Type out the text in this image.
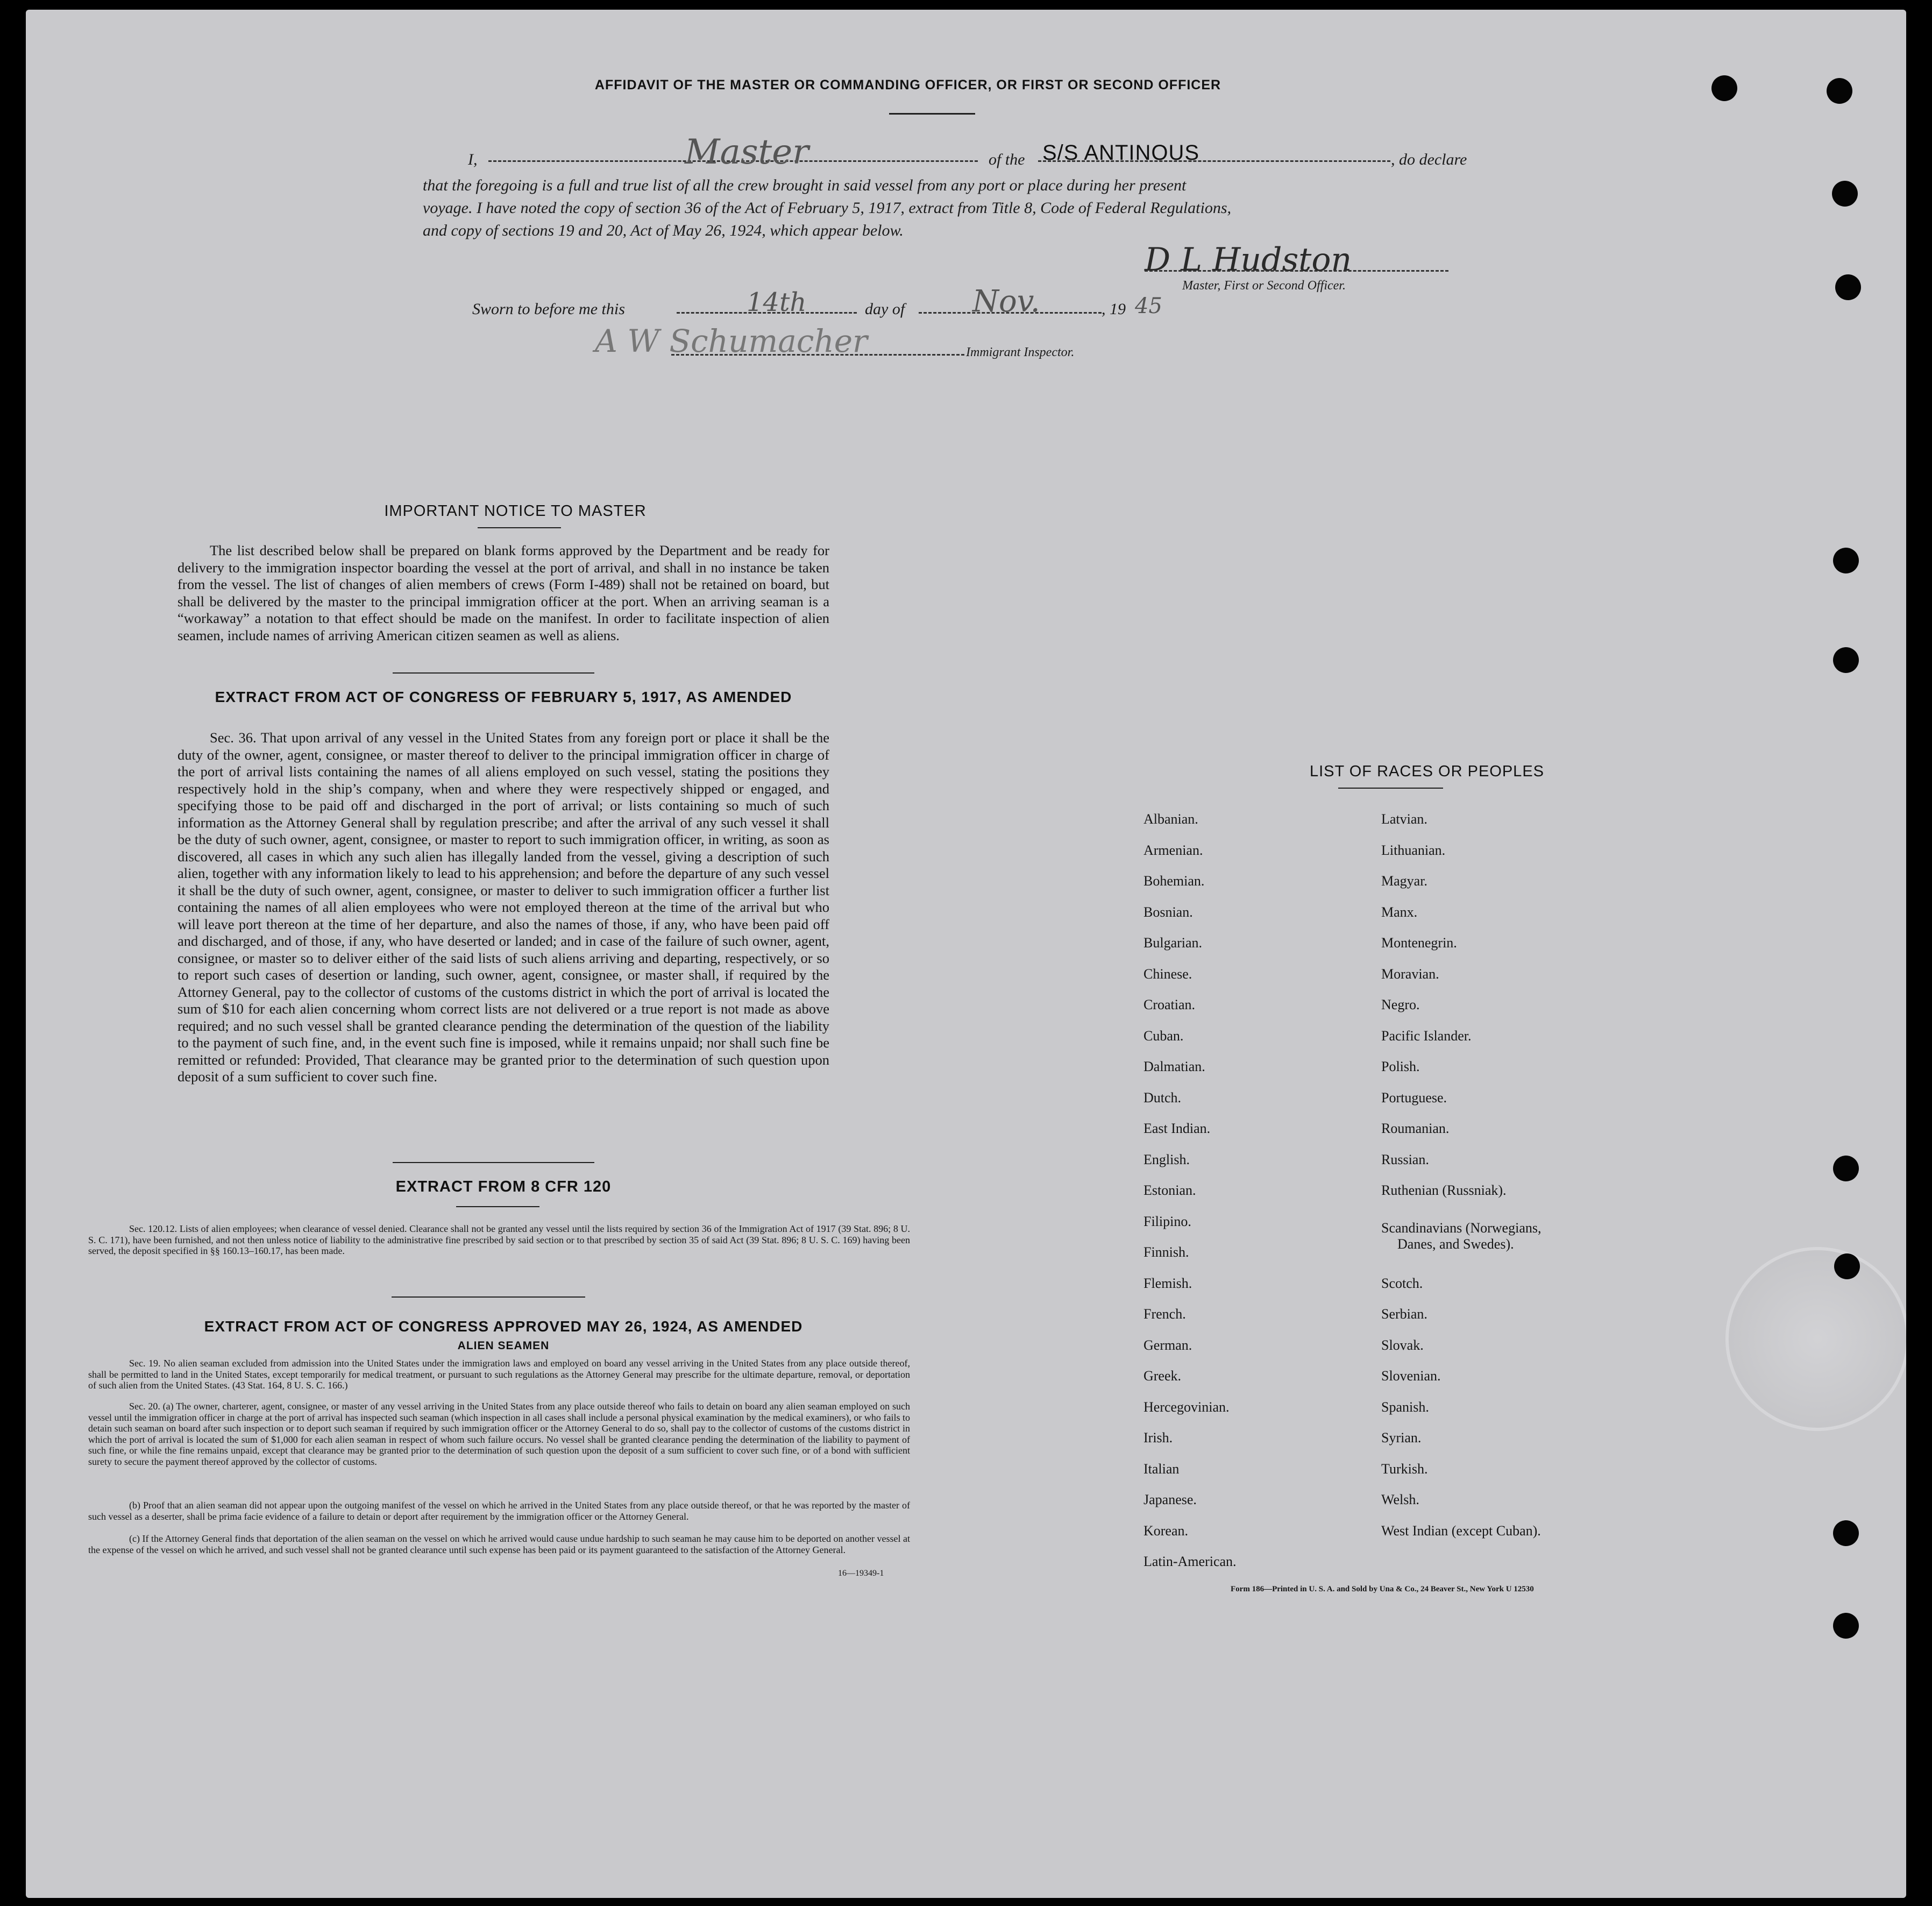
AFFIDAVIT OF THE MASTER OR COMMANDING OFFICER, OR FIRST OR SECOND OFFICER
I,	Master	of the S/S ANTINOUS	, do declare
that the foregoing is a full and true list of all the crew brought in said vessel from any port or place during her present
voyage. I have noted the copy of section 36 of the Act of February 5, 1917, extract from Title 8, Code of Federal Regulations,
and copy of sections 19 and 20, Act of May 26, 1924, which appear below.
D L Hudston
Master, First or Second Officer.
Sworn to before me this	14th	day of Nov.	, 19 45
A W Schumacher	Immigrant Inspector.
IMPORTANT NOTICE TO MASTER
The list described below shall be prepared on blank forms approved by the Department and be ready for delivery to the immigration inspector boarding the vessel at the port of arrival, and shall in no instance be taken from the vessel. The list of changes of alien members of crews (Form I-489) shall not be retained on board, but shall be delivered by the master to the principal immigration officer at the port. When an arriving seaman is a “workaway” a notation to that effect should be made on the manifest. In order to facilitate inspection of alien seamen, include names of arriving American citizen seamen as well as aliens.
EXTRACT FROM ACT OF CONGRESS OF FEBRUARY 5, 1917, AS AMENDED
Sec. 36. That upon arrival of any vessel in the United States from any foreign port or place it shall be the duty of the owner, agent, consignee, or master thereof to deliver to the principal immigration officer in charge of the port of arrival lists containing the names of all aliens employed on such vessel, stating the positions they respectively hold in the ship’s company, when and where they were respectively shipped or engaged, and specifying those to be paid off and discharged in the port of arrival; or lists containing so much of such information as the Attorney General shall by regulation prescribe; and after the arrival of any such vessel it shall be the duty of such owner, agent, consignee, or master to report to such immigration officer, in writing, as soon as discovered, all cases in which any such alien has illegally landed from the vessel, giving a description of such alien, together with any information likely to lead to his apprehension; and before the departure of any such vessel it shall be the duty of such owner, agent, consignee, or master to deliver to such immigration officer a further list containing the names of all alien employees who were not employed thereon at the time of the arrival but who will leave port thereon at the time of her departure, and also the names of those, if any, who have been paid off and discharged, and of those, if any, who have deserted or landed; and in case of the failure of such owner, agent, consignee, or master so to deliver either of the said lists of such aliens arriving and departing, respectively, or so to report such cases of desertion or landing, such owner, agent, consignee, or master shall, if required by the Attorney General, pay to the collector of customs of the customs district in which the port of arrival is located the sum of $10 for each alien concerning whom correct lists are not delivered or a true report is not made as above required; and no such vessel shall be granted clearance pending the determination of the question of the liability to the payment of such fine, and, in the event such fine is imposed, while it remains unpaid; nor shall such fine be remitted or refunded: Provided, That clearance may be granted prior to the determination of such question upon deposit of a sum sufficient to cover such fine.
EXTRACT FROM 8 CFR 120
Sec. 120.12. Lists of alien employees; when clearance of vessel denied. Clearance shall not be granted any vessel until the lists required by section 36 of the Immigration Act of 1917 (39 Stat. 896; 8 U. S. C. 171), have been furnished, and not then unless notice of liability to the administrative fine prescribed by said section or to that prescribed by section 35 of said Act (39 Stat. 896; 8 U. S. C. 169) having been served, the deposit specified in §§ 160.13–160.17, has been made.
EXTRACT FROM ACT OF CONGRESS APPROVED MAY 26, 1924, AS AMENDED
ALIEN SEAMEN
Sec. 19. No alien seaman excluded from admission into the United States under the immigration laws and employed on board any vessel arriving in the United States from any place outside thereof, shall be permitted to land in the United States, except temporarily for medical treatment, or pursuant to such regulations as the Attorney General may prescribe for the ultimate departure, removal, or deportation of such alien from the United States. (43 Stat. 164, 8 U. S. C. 166.)
Sec. 20. (a) The owner, charterer, agent, consignee, or master of any vessel arriving in the United States from any place outside thereof who fails to detain on board any alien seaman employed on such vessel until the immigration officer in charge at the port of arrival has inspected such seaman (which inspection in all cases shall include a personal physical examination by the medical examiners), or who fails to detain such seaman on board after such inspection or to deport such seaman if required by such immigration officer or the Attorney General to do so, shall pay to the collector of customs of the customs district in which the port of arrival is located the sum of $1,000 for each alien seaman in respect of whom such failure occurs. No vessel shall be granted clearance pending the determination of the liability to payment of such fine, or while the fine remains unpaid, except that clearance may be granted prior to the determination of such question upon the deposit of a sum sufficient to cover such fine, or of a bond with sufficient surety to secure the payment thereof approved by the collector of customs.
(b) Proof that an alien seaman did not appear upon the outgoing manifest of the vessel on which he arrived in the United States from any place outside thereof, or that he was reported by the master of such vessel as a deserter, shall be prima facie evidence of a failure to detain or deport after requirement by the immigration officer or the Attorney General.
(c) If the Attorney General finds that deportation of the alien seaman on the vessel on which he arrived would cause undue hardship to such seaman he may cause him to be deported on another vessel at the expense of the vessel on which he arrived, and such vessel shall not be granted clearance until such expense has been paid or its payment guaranteed to the satisfaction of the Attorney General.
16—19349-1
LIST OF RACES OR PEOPLES
Albanian.
Armenian.
Bohemian.
Bosnian.
Bulgarian.
Chinese.
Croatian.
Cuban.
Dalmatian.
Dutch.
East Indian.
English.
Estonian.
Filipino.
Finnish.
Flemish.
French.
German.
Greek.
Hercegovinian.
Irish.
Italian
Japanese.
Korean.
Latin-American.
Latvian.
Lithuanian.
Magyar.
Manx.
Montenegrin.
Moravian.
Negro.
Pacific Islander.
Polish.
Portuguese.
Roumanian.
Russian.
Ruthenian (Russniak).
Scandinavians (Norwegians,
Danes, and Swedes).
Scotch.
Serbian.
Slovak.
Slovenian.
Spanish.
Syrian.
Turkish.
Welsh.
West Indian (except Cuban).
Form 186—Printed in U. S. A. and Sold by Una & Co., 24 Beaver St., New York U 12530
